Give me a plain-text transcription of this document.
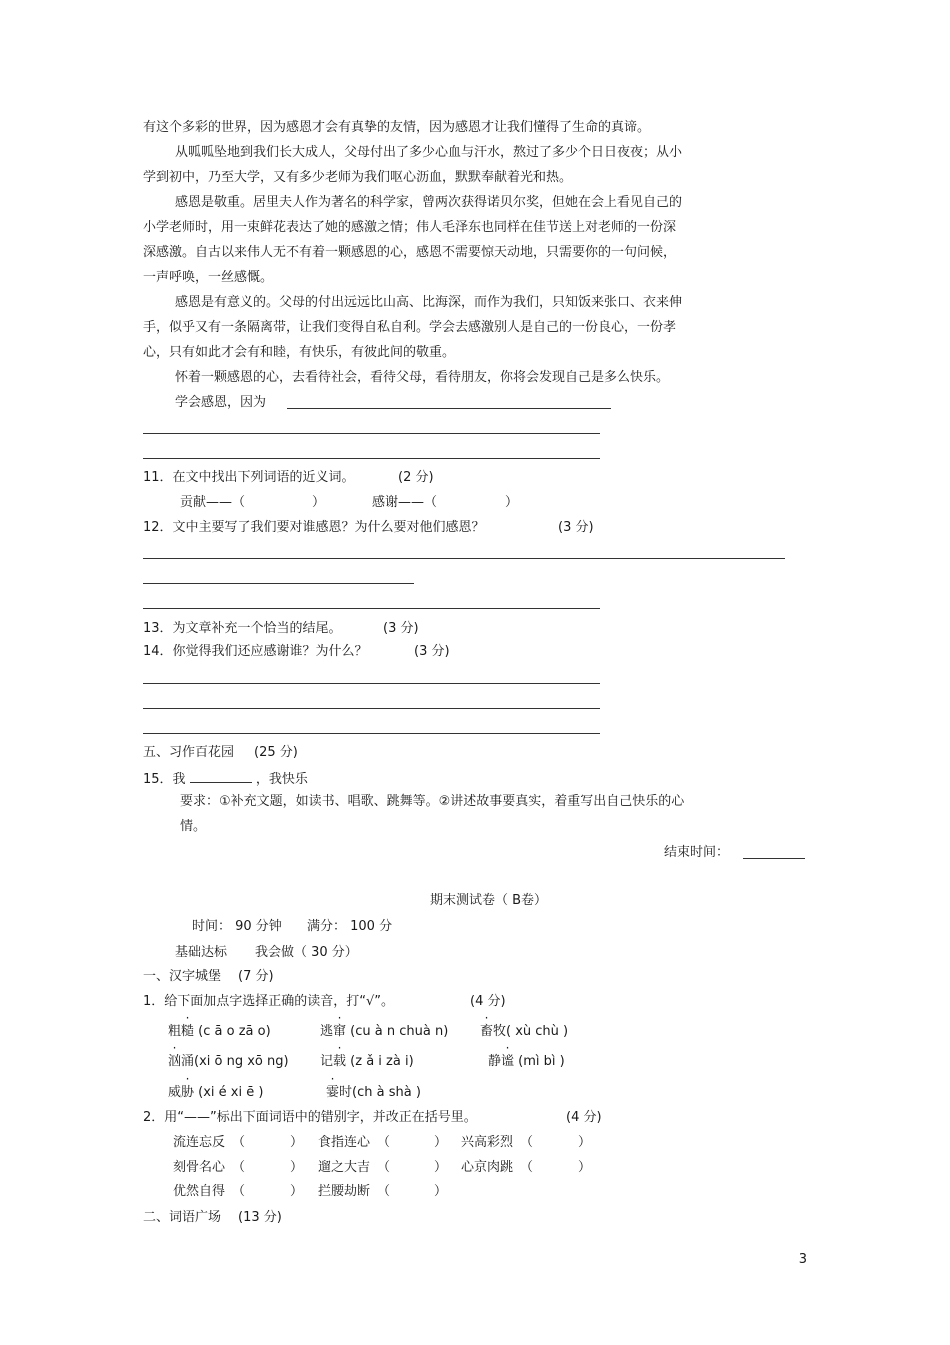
有这个多彩的世界，因为感恩才会有真挚的友情，因为感恩才让我们懂得了生命的真谛。
从呱呱坠地到我们长大成人，父母付出了多少心血与汗水，熬过了多少个日日夜夜；从小
学到初中，乃至大学，又有多少老师为我们呕心沥血，默默奉献着光和热。
感恩是敬重。居里夫人作为著名的科学家，曾两次获得诺贝尔奖，但她在会上看见自己的
小学老师时，用一束鲜花表达了她的感激之情；伟人毛泽东也同样在佳节送上对老师的一份深
深感激。自古以来伟人无不有着一颗感恩的心，感恩不需要惊天动地，只需要你的一句问候，
一声呼唤，一丝感慨。
感恩是有意义的。父母的付出远远比山高、比海深，而作为我们，只知饭来张口、衣来伸
手，似乎又有一条隔离带，让我们变得自私自利。学会去感激别人是自己的一份良心，一份孝
心，只有如此才会有和睦，有快乐，有彼此间的敬重。
怀着一颗感恩的心，去看待社会，看待父母，看待朋友，你将会发现自己是多么快乐。
学会感恩，因为
11．在文中找出下列词语的近义词。	(2 分)
贡献——（	）	感谢——（	）
12．文中主要写了我们要对谁感恩？为什么要对他们感恩？	(3 分)
13．为文章补充一个恰当的结尾。	(3 分)
14．你觉得我们还应感谢谁？为什么？	(3 分)
五、习作百花园 (25 分)
15．我	，我快乐
要求：①补充文题，如读书、唱歌、跳舞等。②讲述故事要真实，着重写出自己快乐的心
情。
结束时间：
期末测试卷（ B卷）
时间： 90 分钟 满分： 100 分
基础达标 我会做（ 30 分）
一、汉字城堡 (7 分)
1．给下面加点字选择正确的读音，打“√”。	(4 分)
粗糙 (c ā o zā o)	逃窜 (cu à n chuà n) 畜牧( xù chù )
汹涌(xi ō ng xō ng) 记载 (z ǎ i zà i)	静谧 (mì bì )
威胁 (xi é xi ē )	霎时(ch à shà )
2．用“——”标出下面词语中的错别字，并改正在括号里。	(4 分)
流连忘反 （	） 食指连心 （	） 兴高彩烈 （	）
刻骨名心 （	） 遛之大吉 （	） 心京肉跳 （	）
优然自得 （	） 拦腰劫断 （	）
二、词语广场 (13 分)
3
